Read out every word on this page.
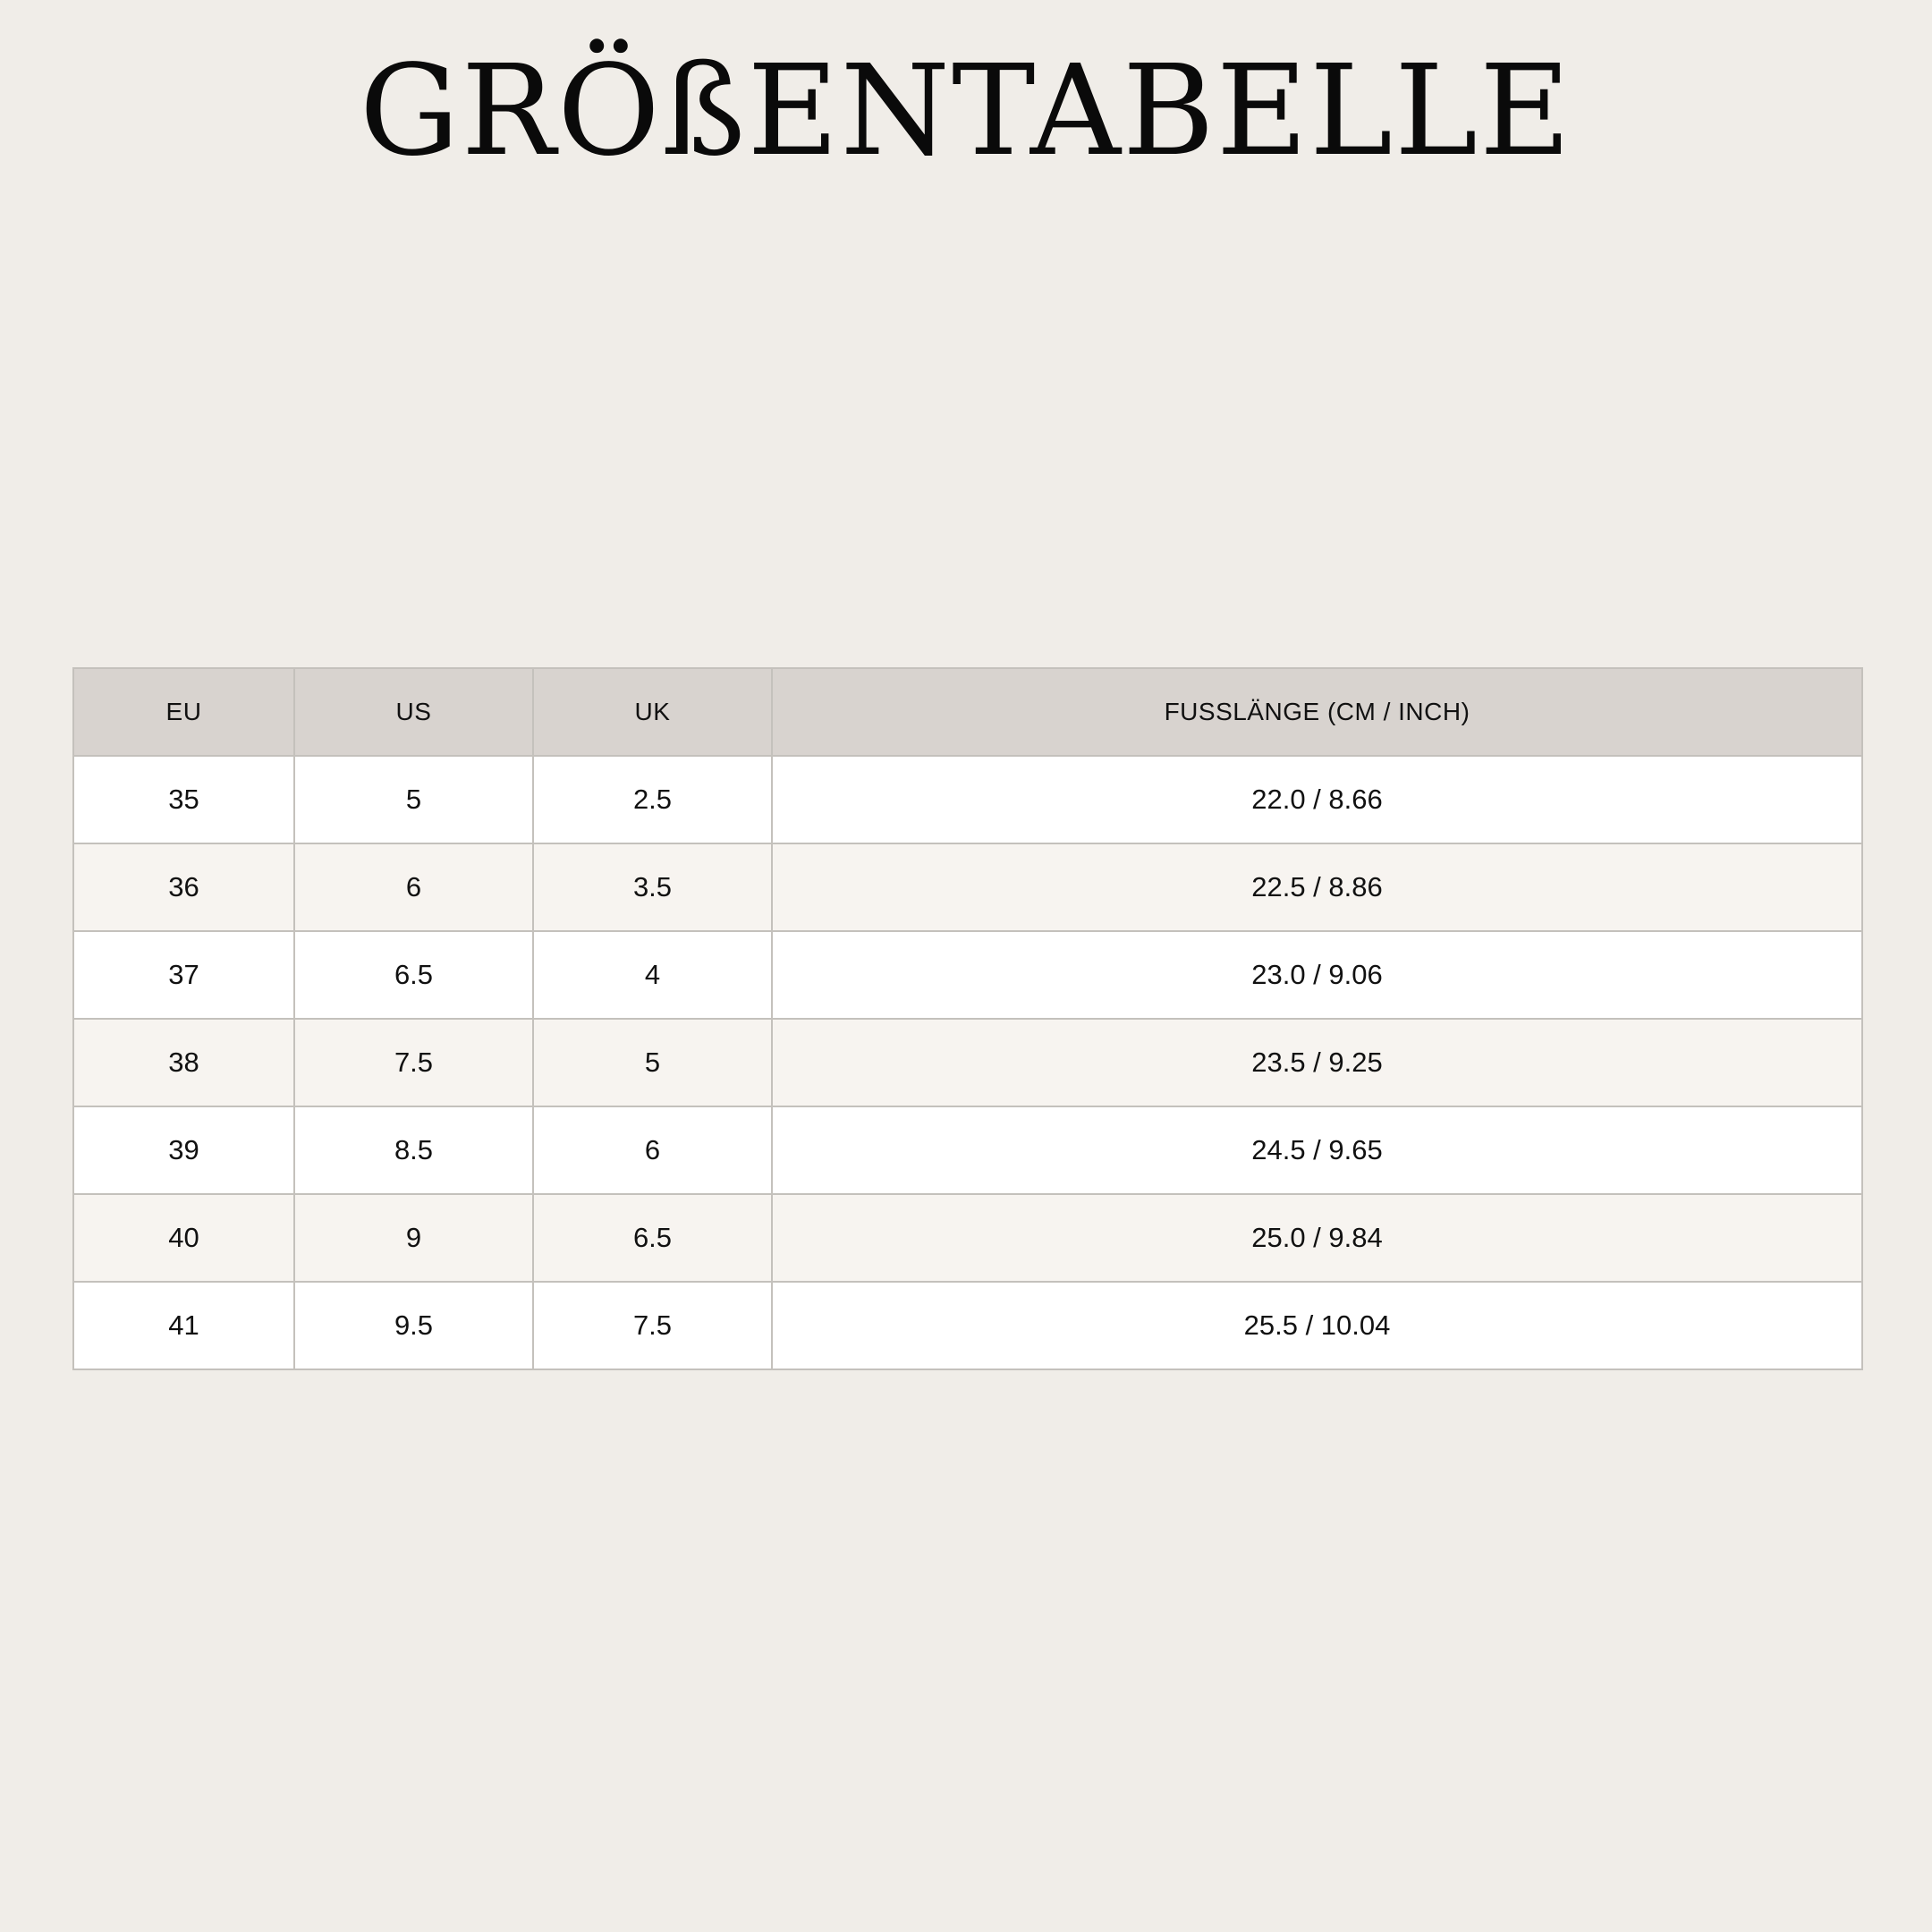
GRÖßENTABELLE
EU	US	UK	FUSSLÄNGE (CM / INCH)
35	5	2.5	22.0 / 8.66
36	6	3.5	22.5 / 8.86
37	6.5	4	23.0 / 9.06
38	7.5	5	23.5 / 9.25
39	8.5	6	24.5 / 9.65
40	9	6.5	25.0 / 9.84
41	9.5	7.5	25.5 / 10.04
